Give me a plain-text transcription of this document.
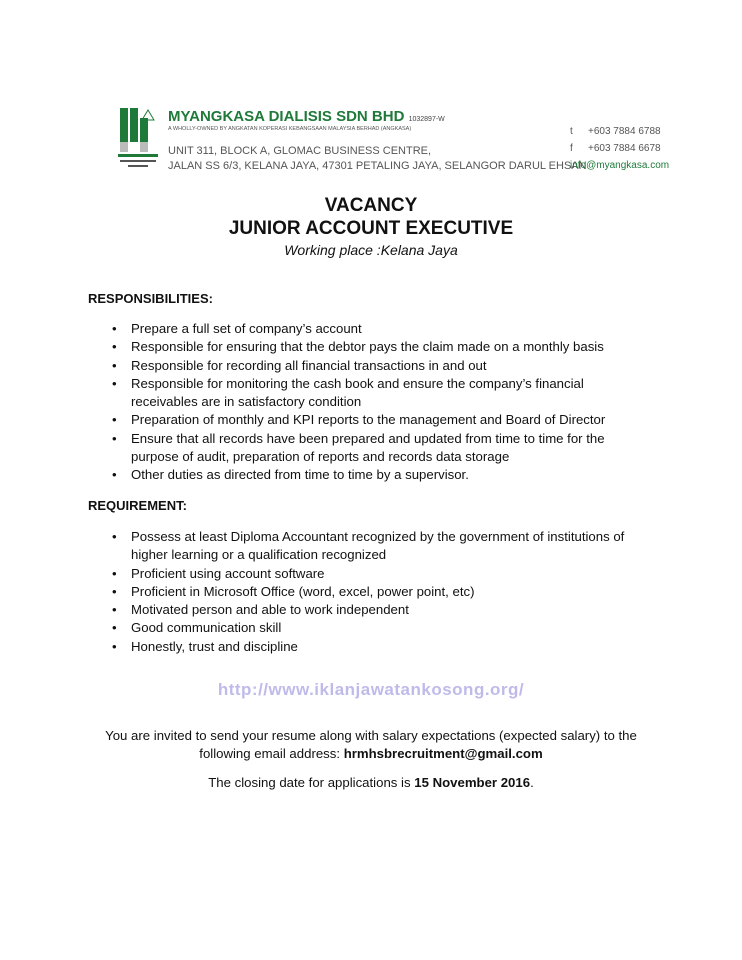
MYANGKASA DIALISIS SDN BHD 1032897-W
A WHOLLY-OWNED BY ANGKATAN KOPERASI KEBANGSAAN MALAYSIA BERHAD (ANGKASA)
UNIT 311, BLOCK A, GLOMAC BUSINESS CENTRE,
JALAN SS 6/3, KELANA JAYA, 47301 PETALING JAYA, SELANGOR DARUL EHSAN
t +603 7884 6788
f +603 7884 6678
info@myangkasa.com
VACANCY
JUNIOR ACCOUNT EXECUTIVE
Working place :Kelana Jaya
RESPONSIBILITIES:
• Prepare a full set of company’s account
• Responsible for ensuring that the debtor pays the claim made on a monthly basis
• Responsible for recording all financial transactions in and out
• Responsible for monitoring the cash book and ensure the company’s financial receivables are in satisfactory condition
• Preparation of monthly and KPI reports to the management and Board of Director
• Ensure that all records have been prepared and updated from time to time for the purpose of audit, preparation of reports and records data storage
• Other duties as directed from time to time by a supervisor.
REQUIREMENT:
• Possess at least Diploma Accountant recognized by the government of institutions of higher learning or a qualification recognized
• Proficient using account software
• Proficient in Microsoft Office (word, excel, power point, etc)
• Motivated person and able to work independent
• Good communication skill
• Honestly, trust and discipline
http://www.iklanjawatankosong.org/
You are invited to send your resume along with salary expectations (expected salary) to the following email address: hrmhsbrecruitment@gmail.com
The closing date for applications is 15 November 2016.
